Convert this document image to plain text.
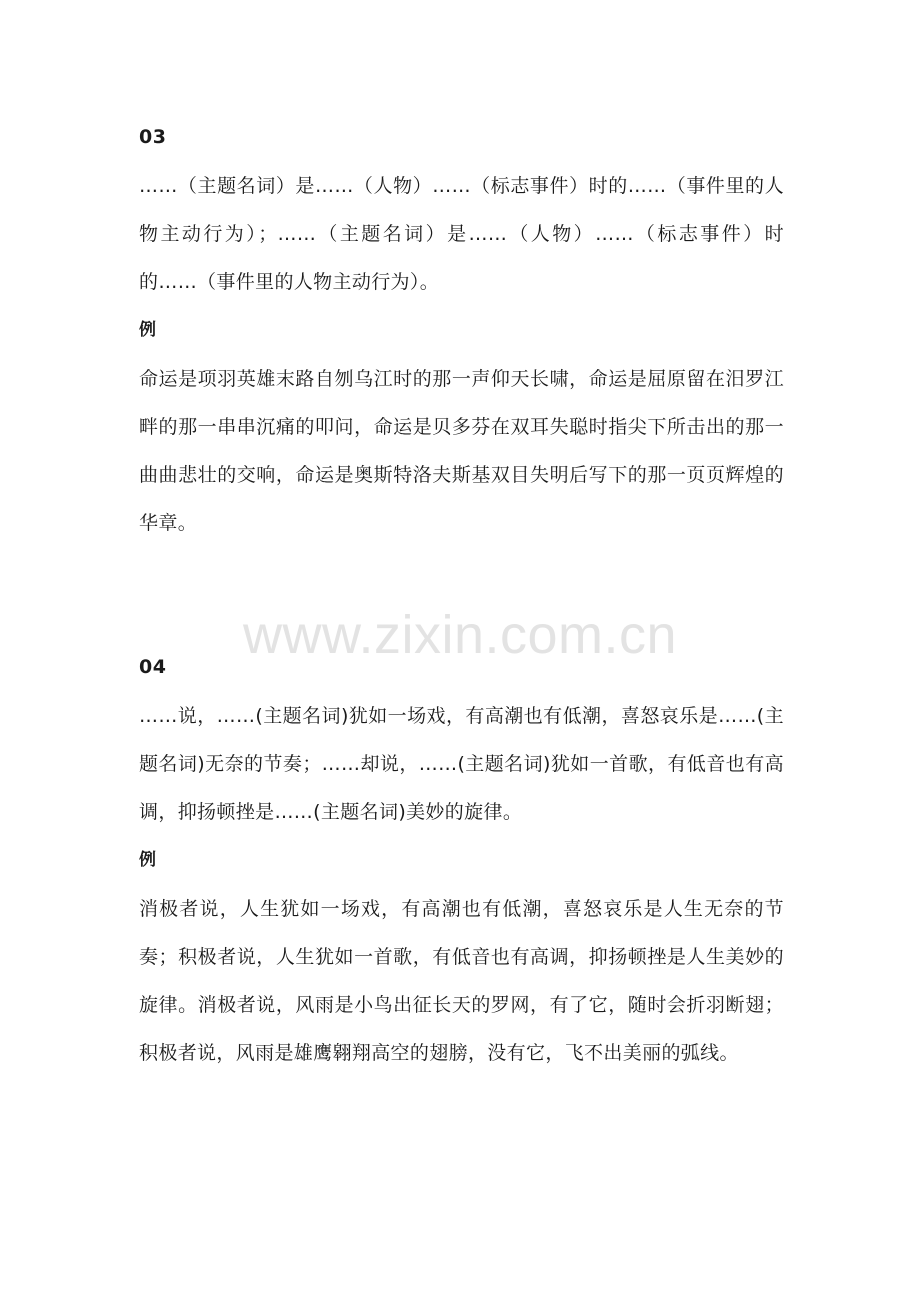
03
……（主题名词）是……（人物）……（标志事件）时的……（事件里的人物主动行为）；……（主题名词）是……（人物）……（标志事件）时的……（事件里的人物主动行为）。
例
命运是项羽英雄末路自刎乌江时的那一声仰天长啸，命运是屈原留在汨罗江畔的那一串串沉痛的叩问，命运是贝多芬在双耳失聪时指尖下所击出的那一曲曲悲壮的交响，命运是奥斯特洛夫斯基双目失明后写下的那一页页辉煌的华章。
www.zixin.com.cn
04
……说，……(主题名词)犹如一场戏，有高潮也有低潮，喜怒哀乐是……(主题名词)无奈的节奏；……却说，……(主题名词)犹如一首歌，有低音也有高调，抑扬顿挫是……(主题名词)美妙的旋律。
例
消极者说，人生犹如一场戏，有高潮也有低潮，喜怒哀乐是人生无奈的节奏；积极者说，人生犹如一首歌，有低音也有高调，抑扬顿挫是人生美妙的旋律。消极者说，风雨是小鸟出征长天的罗网，有了它，随时会折羽断翅；积极者说，风雨是雄鹰翱翔高空的翅膀，没有它，飞不出美丽的弧线。
